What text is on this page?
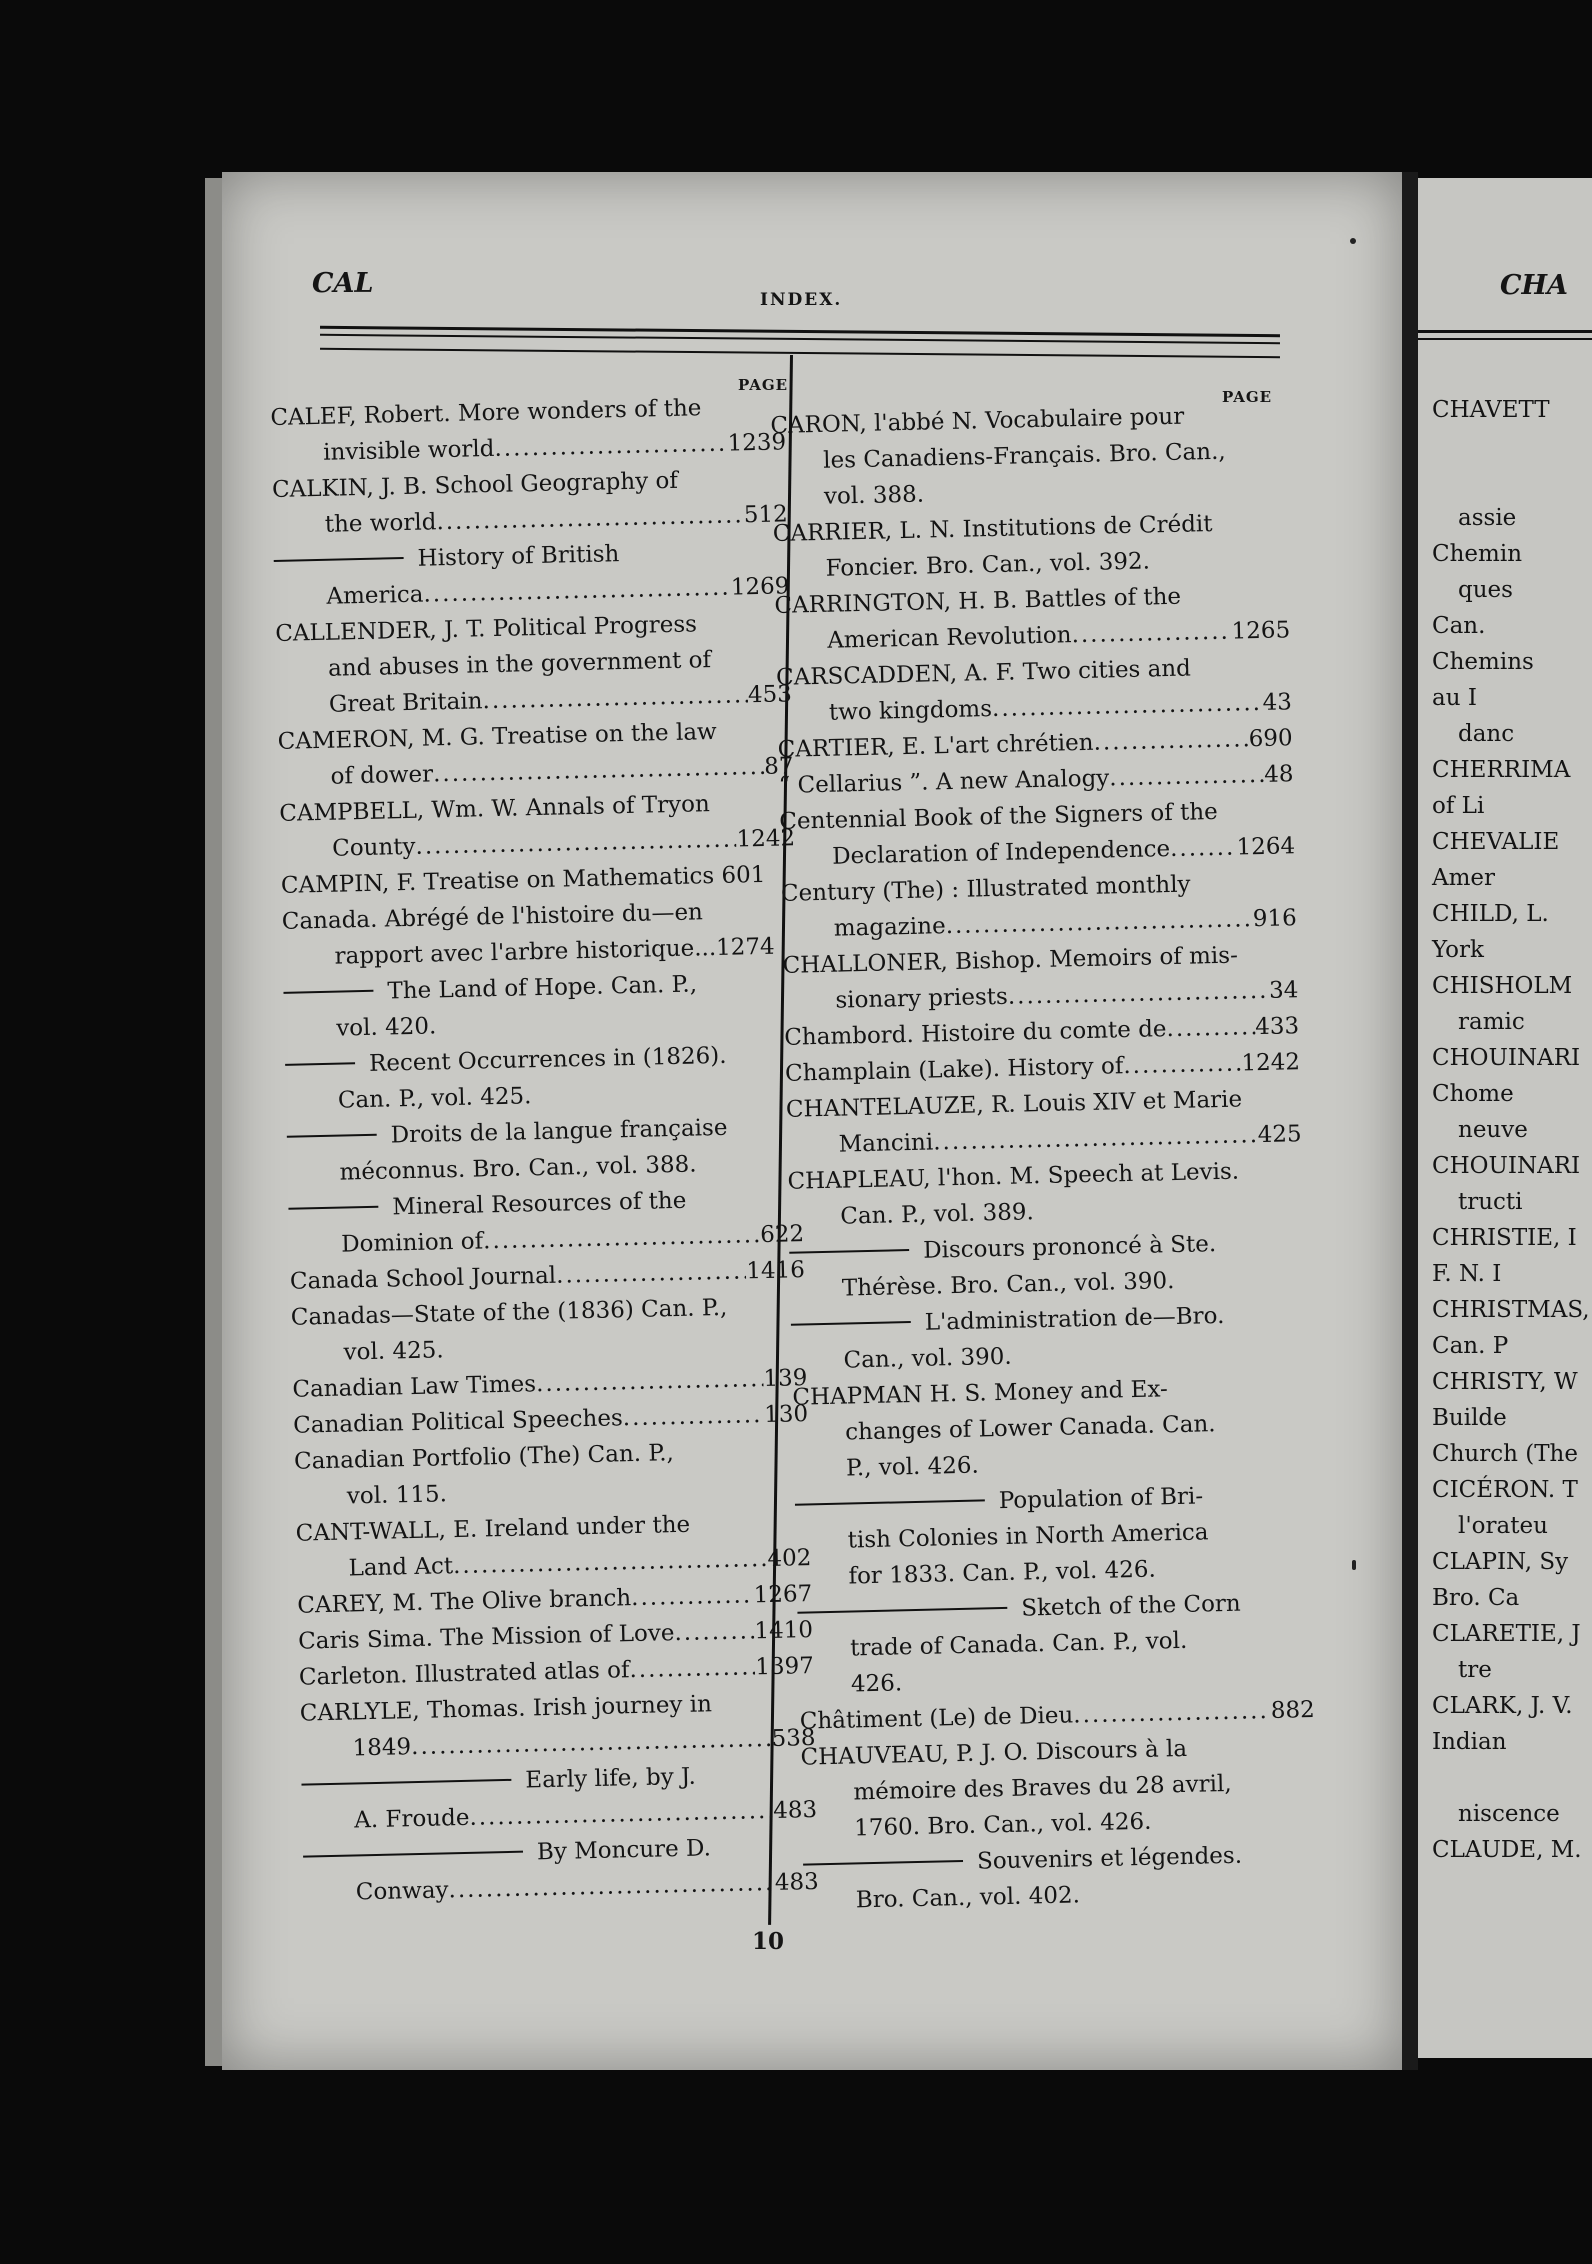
CAL
INDEX.
PAGE
PAGE
CALEF, Robert. More wonders of the
invisible world .....	1239
CALKIN, J. B. School Geography of
the world .....	512
History of British
America .....	1269
CALLENDER, J. T. Political Progress
and abuses in the government of
Great Britain .....	453
CAMERON, M. G. Treatise on the law
of dower .....	87
CAMPBELL, Wm. W. Annals of Tryon
County .....	1242
CAMPIN, F. Treatise on Mathematics 601
Canada. Abrégé de l'histoire du—en
rapport avec l'arbre historique...1274
The Land of Hope. Can. P.,
vol. 420.
Recent Occurrences in (1826).
Can. P., vol. 425.
Droits de la langue française
méconnus. Bro. Can., vol. 388.
Mineral Resources of the
Dominion of .....	622
Canada School Journal .....	1416
Canadas—State of the (1836) Can. P.,
vol. 425.
Canadian Law Times .....	139
Canadian Political Speeches .....	130
Canadian Portfolio (The) Can. P.,
vol. 115.
CANT-WALL, E. Ireland under the
Land Act .....	402
CAREY, M. The Olive branch .....	1267
Caris Sima. The Mission of Love .....	1410
Carleton. Illustrated atlas of .....	1397
CARLYLE, Thomas. Irish journey in
1849 .....	538
Early life, by J.
A. Froude .....	483
By Moncure D.
Conway .....	483
CARON, l'abbé N. Vocabulaire pour
les Canadiens-Français. Bro. Can.,
vol. 388.
CARRIER, L. N. Institutions de Crédit
Foncier. Bro. Can., vol. 392.
CARRINGTON, H. B. Battles of the
American Revolution .....	1265
CARSCADDEN, A. F. Two cities and
two kingdoms .....	43
CARTIER, E. L'art chrétien .....	690
“ Cellarius ”. A new Analogy .....	48
Centennial Book of the Signers of the
Declaration of Independence .....	1264
Century (The) : Illustrated monthly
magazine .....	916
CHALLONER, Bishop. Memoirs of mis-
sionary priests .....	34
Chambord. Histoire du comte de .....	433
Champlain (Lake). History of .....	1242
CHANTELAUZE, R. Louis XIV et Marie
Mancini .....	425
CHAPLEAU, l'hon. M. Speech at Levis.
Can. P., vol. 389.
Discours prononcé à Ste.
Thérèse. Bro. Can., vol. 390.
L'administration de—Bro.
Can., vol. 390.
CHAPMAN H. S. Money and Ex-
changes of Lower Canada. Can.
P., vol. 426.
Population of Bri-
tish Colonies in North America
for 1833. Can. P., vol. 426.
Sketch of the Corn
trade of Canada. Can. P., vol.
426.
Châtiment (Le) de Dieu .....	882
CHAUVEAU, P. J. O. Discours à la
mémoire des Braves du 28 avril,
1760. Bro. Can., vol. 426.
Souvenirs et légendes.
Bro. Can., vol. 402.
10
CHA
CHAVETT

assie
Chemin
ques
Can.
Chemins
au I
danc
CHERRIMA
of Li
CHEVALIE
Amer
CHILD, L.
York
CHISHOLM
ramic
CHOUINARI
Chome
neuve
CHOUINARI
tructi
CHRISTIE, I
F. N. I
CHRISTMAS,
Can. P
CHRISTY, W
Builde
Church (The
CICÉRON. T
l'orateu
CLAPIN, Sy
Bro. Ca
CLARETIE, J
tre
CLARK, J. V.
Indian

niscence
CLAUDE, M.
